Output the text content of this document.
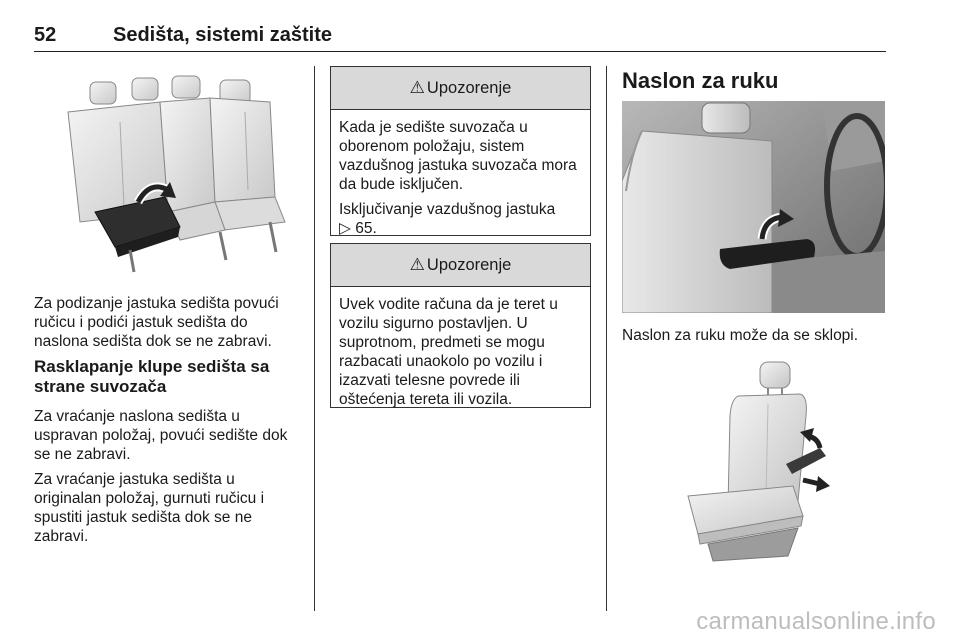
52	Sedišta, sistemi zaštite

Za podizanje jastuka sedišta povući ručicu i podići jastuk sedišta do naslona sedišta dok se ne zabravi.

Rasklapanje klupe sedišta sa strane suvozača

Za vraćanje naslona sedišta u uspravan položaj, povući sedište dok se ne zabravi.

Za vraćanje jastuka sedišta u originalan položaj, gurnuti ručicu i spustiti jastuk sedišta dok se ne zabravi.

⚠ Upozorenje

Kada je sedište suvozača u oborenom položaju, sistem vazdušnog jastuka suvozača mora da bude isključen.

Isključivanje vazdušnog jastuka
▷ 65.

⚠ Upozorenje

Uvek vodite računa da je teret u vozilu sigurno postavljen. U suprotnom, predmeti se mogu razbacati unaokolo po vozilu i izazvati telesne povrede ili oštećenja tereta ili vozila.

Naslon za ruku
Naslon za ruku može da se sklopi.
carmanualsonline.info
